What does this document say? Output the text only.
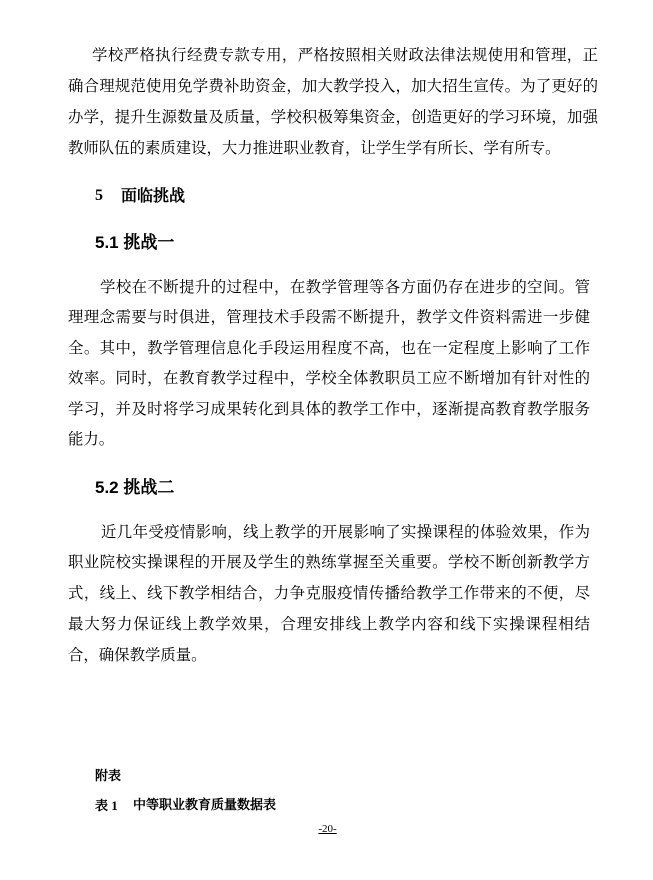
学校严格执行经费专款专用，严格按照相关财政法律法规使用和管理，正
确合理规范使用免学费补助资金，加大教学投入，加大招生宣传。为了更好的
办学，提升生源数量及质量，学校积极筹集资金，创造更好的学习环境，加强
教师队伍的素质建设，大力推进职业教育，让学生学有所长、学有所专。
5 面临挑战
5.1 挑战一
学校在不断提升的过程中，在教学管理等各方面仍存在进步的空间。管
理理念需要与时俱进，管理技术手段需不断提升，教学文件资料需进一步健
全。其中，教学管理信息化手段运用程度不高，也在一定程度上影响了工作
效率。同时，在教育教学过程中，学校全体教职员工应不断增加有针对性的
学习，并及时将学习成果转化到具体的教学工作中，逐渐提高教育教学服务
能力。
5.2 挑战二
近几年受疫情影响，线上教学的开展影响了实操课程的体验效果，作为
职业院校实操课程的开展及学生的熟练掌握至关重要。学校不断创新教学方
式，线上、线下教学相结合，力争克服疫情传播给教学工作带来的不便，尽
最大努力保证线上教学效果，合理安排线上教学内容和线下实操课程相结
合，确保教学质量。
附表
表 1 中等职业教育质量数据表
-20-
